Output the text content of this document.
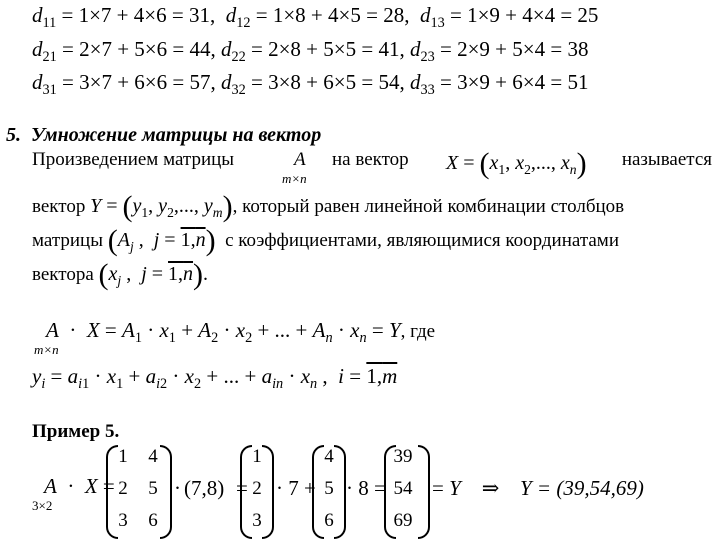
$d_{11} = 1\times 7 + 4\times 6 = 31$, $d_{12} = 1\times 8 + 4\times 5 = 28$, $d_{13} = 1\times 9 + 4\times 4 = 25$
$d_{21} = 2\times 7 + 5\times 6 = 44$, $d_{22} = 2\times 8 + 5\times 5 = 41$, $d_{23} = 2\times 9 + 5\times 4 = 38$
$d_{31} = 3\times 7 + 6\times 6 = 57$, $d_{32} = 3\times 8 + 6\times 5 = 54$, $d_{33} = 3\times 9 + 6\times 4 = 51$
5. Умножение матрицы на вектор
Произведением матрицы	A
m×n
на вектор $X = (x_1$, $x_2$,..., $x_n$) называется
вектор $Y = (y_1$, $y_2$,..., $y_m$), который равен линейной комбинации столбцов
матрицы ($A_j$ ,  j = 1,n) с коэффициентами, являющимися координатами
вектора ($x_j$ ,  j = 1,n).
$A \cdot X = A_1 \cdot x_1 + A_2 \cdot x_2$ + ... + $A_n \cdot x_n = Y$, где
m×n
$y_i = a_{i1} \cdot x_1 + a_{i2} \cdot x_2$ + ... + $a_{in} \cdot x_n$ ,  i = 1,m
Пример 5.
A  ·  X =
3×2
1	4
2	5
3	6
· (7,8) =
1
2
3
· 7 +
4
5
6
· 8 =
39
54
69
= Y    ⇒ Y = (39,54,69)
